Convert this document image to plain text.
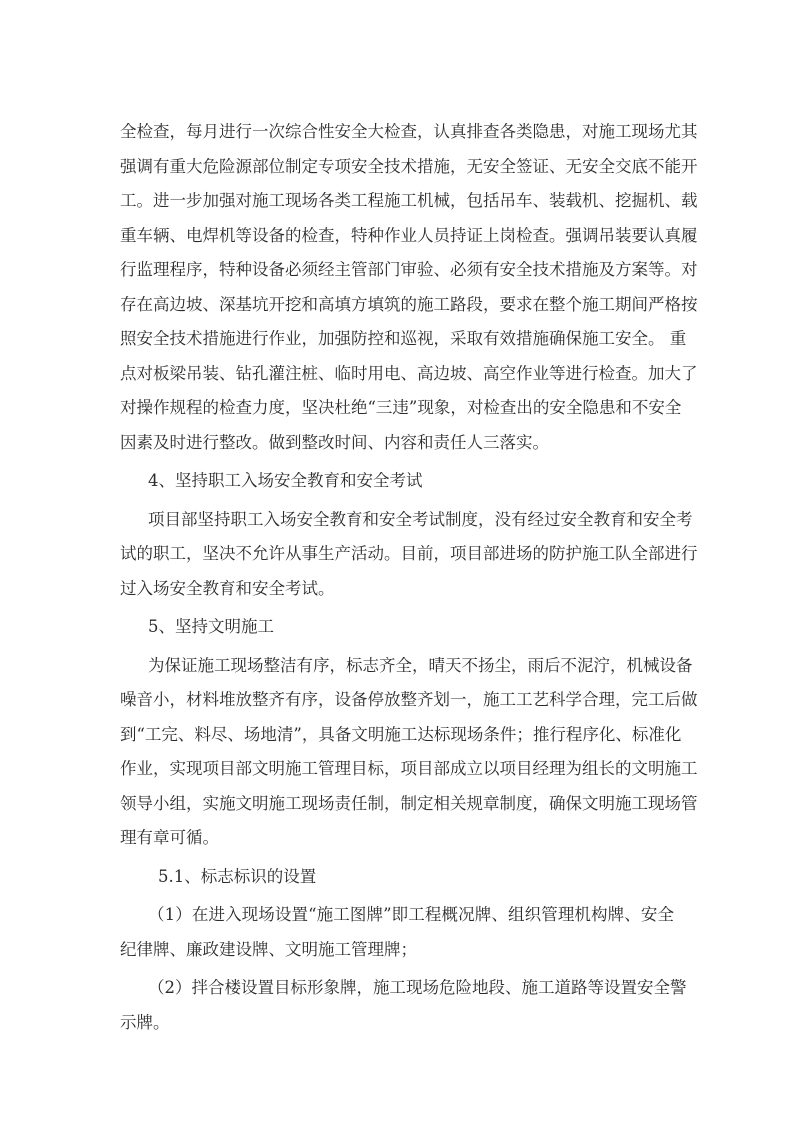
全检查，每月进行一次综合性安全大检查，认真排查各类隐患，对施工现场尤其
强调有重大危险源部位制定专项安全技术措施，无安全签证、无安全交底不能开
工。进一步加强对施工现场各类工程施工机械，包括吊车、装载机、挖掘机、载
重车辆、电焊机等设备的检查，特种作业人员持证上岗检查。强调吊装要认真履
行监理程序，特种设备必须经主管部门审验、必须有安全技术措施及方案等。对
存在高边坡、深基坑开挖和高填方填筑的施工路段，要求在整个施工期间严格按
照安全技术措施进行作业，加强防控和巡视，采取有效措施确保施工安全。 重
点对板梁吊装、钻孔灌注桩、临时用电、高边坡、高空作业等进行检查。加大了
对操作规程的检查力度，坚决杜绝“三违”现象，对检查出的安全隐患和不安全
因素及时进行整改。做到整改时间、内容和责任人三落实。
4、坚持职工入场安全教育和安全考试
项目部坚持职工入场安全教育和安全考试制度，没有经过安全教育和安全考
试的职工，坚决不允许从事生产活动。目前，项目部进场的防护施工队全部进行
过入场安全教育和安全考试。
5、坚持文明施工
为保证施工现场整洁有序，标志齐全，晴天不扬尘，雨后不泥泞，机械设备
噪音小，材料堆放整齐有序，设备停放整齐划一，施工工艺科学合理，完工后做
到“工完、料尽、场地清”，具备文明施工达标现场条件；推行程序化、标准化
作业，实现项目部文明施工管理目标，项目部成立以项目经理为组长的文明施工
领导小组，实施文明施工现场责任制，制定相关规章制度，确保文明施工现场管
理有章可循。
5.1、标志标识的设置
（1）在进入现场设置“施工图牌”即工程概况牌、组织管理机构牌、安全
纪律牌、廉政建设牌、文明施工管理牌；
（2）拌合楼设置目标形象牌，施工现场危险地段、施工道路等设置安全警
示牌。
